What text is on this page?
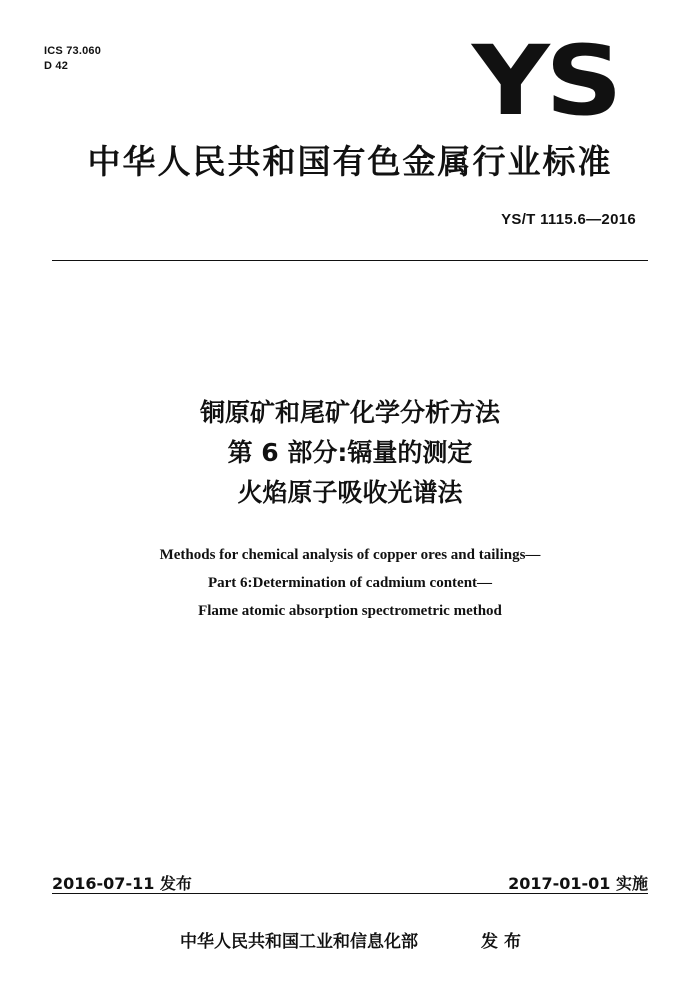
ICS 73.060
D 42	YS
中华人民共和国有色金属行业标准
YS/T 1115.6—2016
铜原矿和尾矿化学分析方法
第 6 部分:镉量的测定
火焰原子吸收光谱法
Methods for chemical analysis of copper ores and tailings—
Part 6:Determination of cadmium content—
Flame atomic absorption spectrometric method
2016-07-11 发布	2017-01-01 实施
中华人民共和国工业和信息化部	发布
